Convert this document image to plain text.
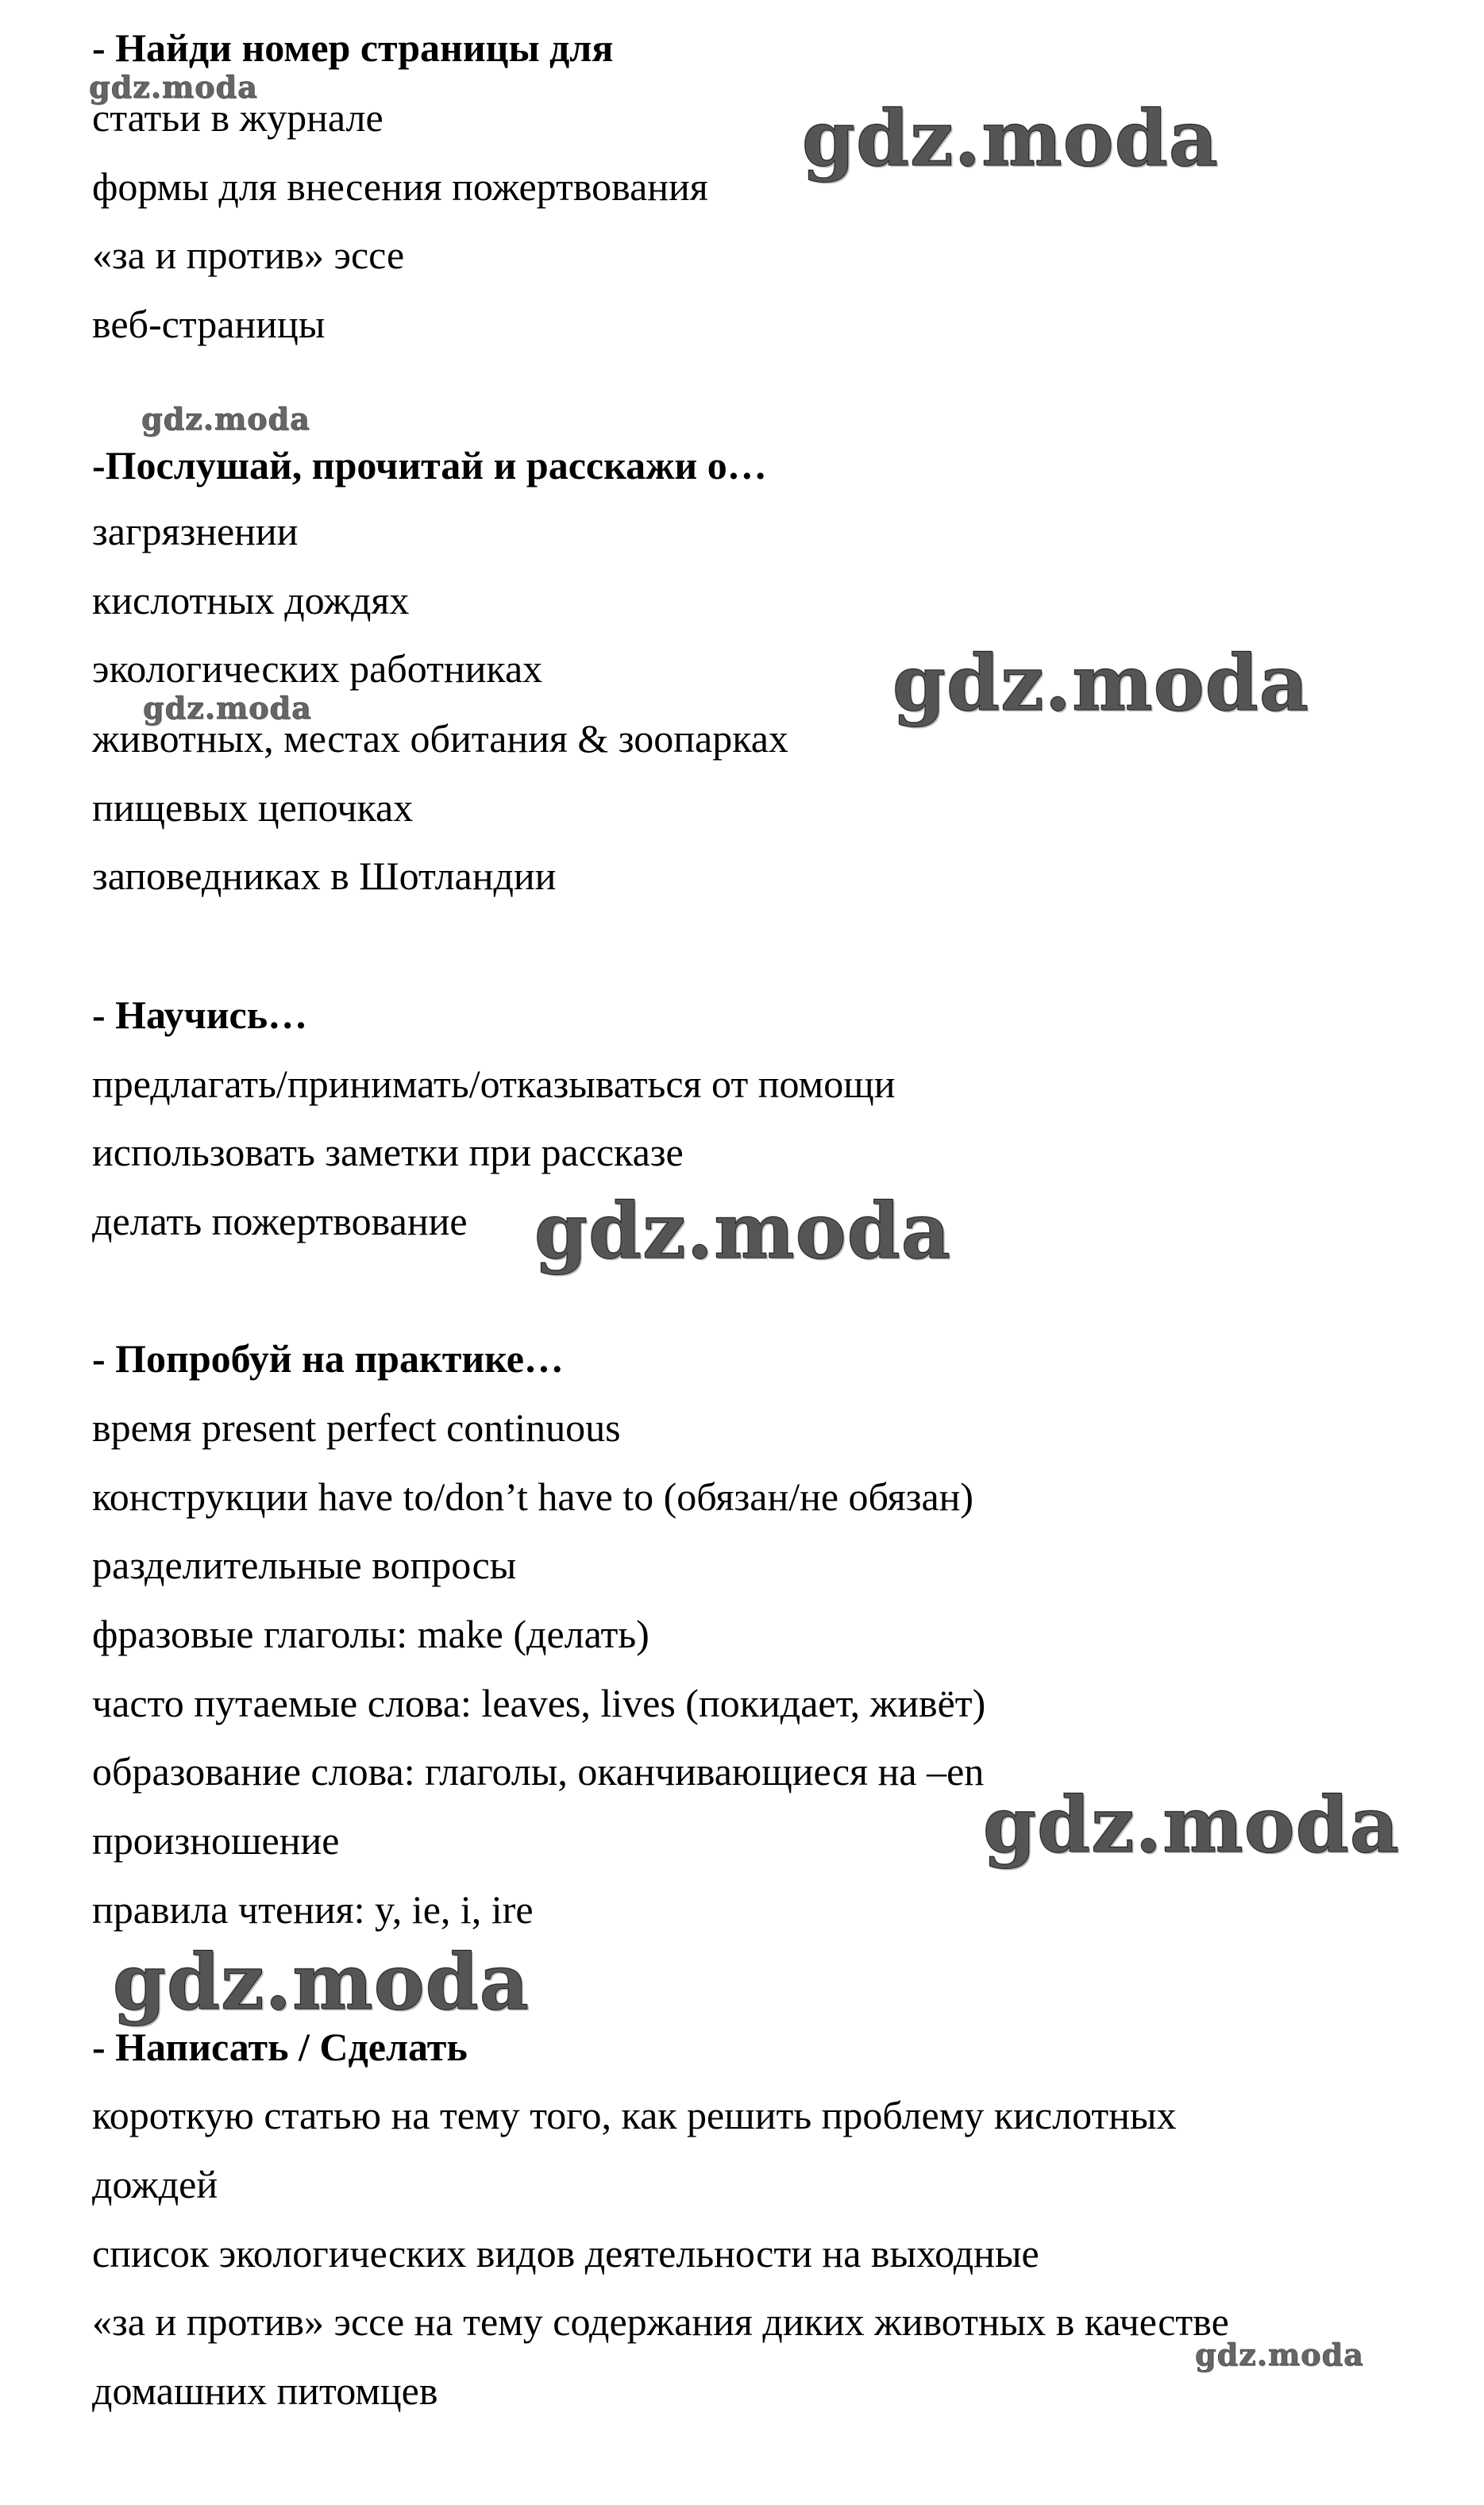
- Найди номер страницы для
статьи в журнале
формы для внесения пожертвования
«за и против» эссе
веб-страницы
-Послушай, прочитай и расскажи о…
загрязнении
кислотных дождях
экологических работниках
животных, местах обитания & зоопарках
пищевых цепочках
заповедниках в Шотландии
- Научись…
предлагать/принимать/отказываться от помощи
использовать заметки при рассказе
делать пожертвование
- Попробуй на практике…
время present perfect continuous
конструкции have to/don’t have to (обязан/не обязан)
разделительные вопросы
фразовые глаголы: make (делать)
часто путаемые слова: leaves, lives (покидает, живёт)
образование слова: глаголы, оканчивающиеся на –en
произношение
правила чтения: y, ie, i, ire
- Написать / Сделать
короткую статью на тему того, как решить проблему кислотных
дождей
список экологических видов деятельности на выходные
«за и против» эссе на тему содержания диких животных в качестве
домашних питомцев
gdz.moda
gdz.moda
gdz.moda
gdz.moda
gdz.moda
gdz.moda
gdz.moda
gdz.moda
gdz.moda
